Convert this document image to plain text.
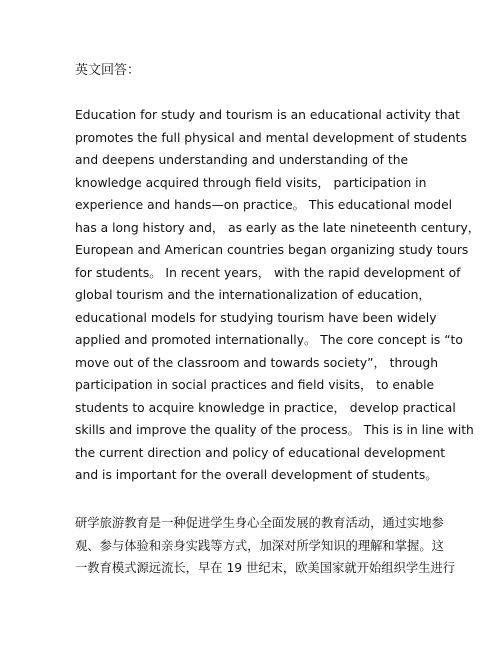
英文回答：
Education for study and tourism is an educational activity that
promotes the full physical and mental development of students
and deepens understanding and understanding of the
knowledge acquired through field visits， participation in
experience and hands—on practice。 This educational model
has a long history and， as early as the late nineteenth century，
European and American countries began organizing study tours
for students。 In recent years， with the rapid development of
global tourism and the internationalization of education，
educational models for studying tourism have been widely
applied and promoted internationally。 The core concept is “to
move out of the classroom and towards society”， through
participation in social practices and field visits， to enable
students to acquire knowledge in practice， develop practical
skills and improve the quality of the process。 This is in line with
the current direction and policy of educational development
and is important for the overall development of students。
研学旅游教育是一种促进学生身心全面发展的教育活动，通过实地参
观、参与体验和亲身实践等方式，加深对所学知识的理解和掌握。这
一教育模式源远流长，早在 19 世纪末，欧美国家就开始组织学生进行
